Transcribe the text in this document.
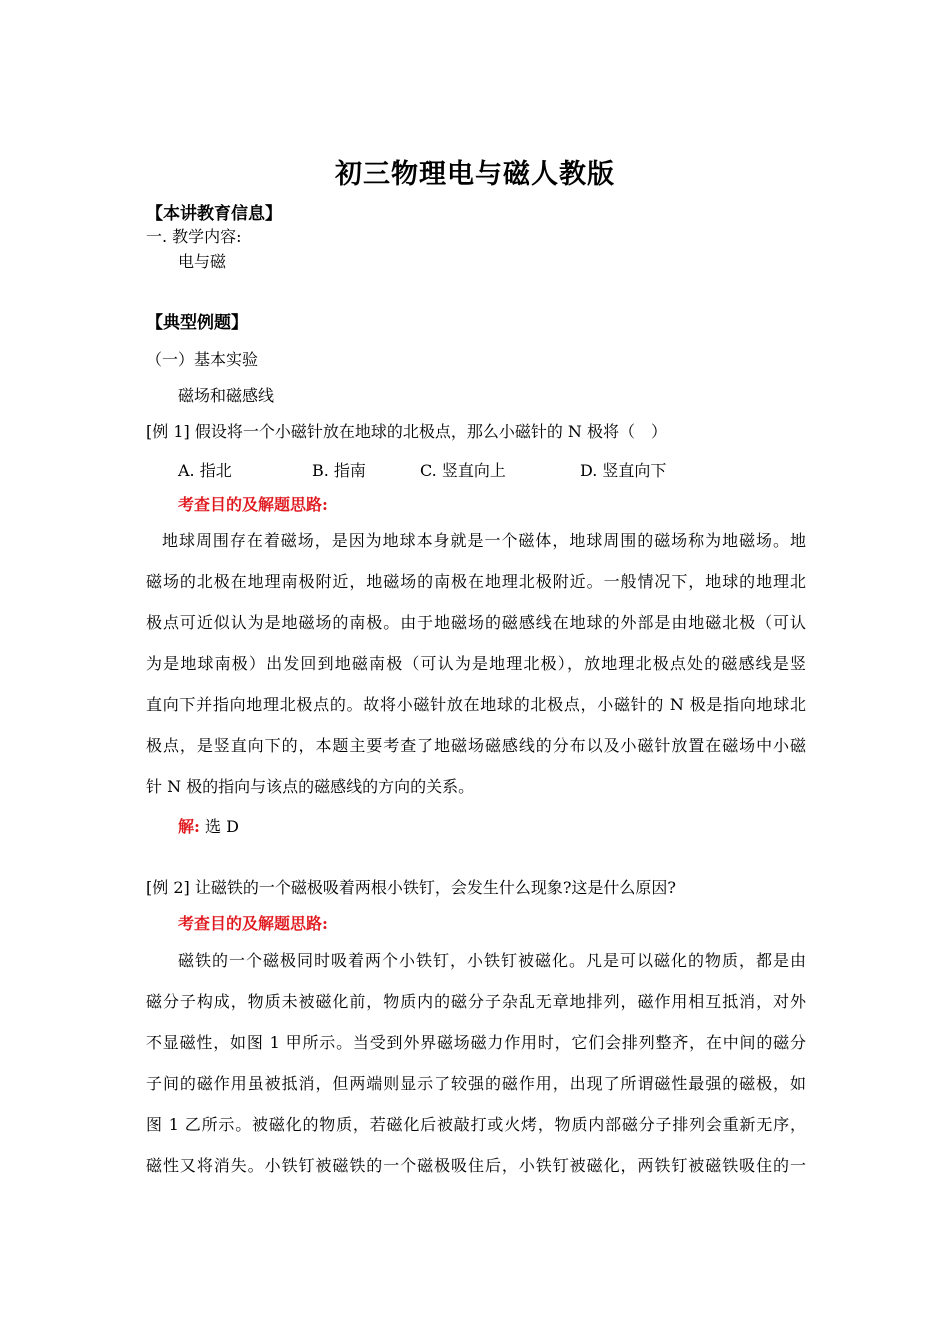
初三物理电与磁人教版
【本讲教育信息】
一. 教学内容:
电与磁
【典型例题】
（一）基本实验
磁场和磁感线
[例 1] 假设将一个小磁针放在地球的北极点，那么小磁针的 N 极将（　）
A. 指北	B. 指南	C. 竖直向上	D. 竖直向下
考查目的及解题思路:
地球周围存在着磁场，是因为地球本身就是一个磁体，地球周围的磁场称为地磁场。地
磁场的北极在地理南极附近，地磁场的南极在地理北极附近。一般情况下，地球的地理北
极点可近似认为是地磁场的南极。由于地磁场的磁感线在地球的外部是由地磁北极（可认
为是地球南极）出发回到地磁南极（可认为是地理北极），放地理北极点处的磁感线是竖
直向下并指向地理北极点的。故将小磁针放在地球的北极点，小磁针的 N 极是指向地球北
极点，是竖直向下的，本题主要考查了地磁场磁感线的分布以及小磁针放置在磁场中小磁
针 N 极的指向与该点的磁感线的方向的关系。
解: 选 D
[例 2] 让磁铁的一个磁极吸着两根小铁钉，会发生什么现象?这是什么原因?
考查目的及解题思路:
磁铁的一个磁极同时吸着两个小铁钉，小铁钉被磁化。凡是可以磁化的物质，都是由
磁分子构成，物质未被磁化前，物质内的磁分子杂乱无章地排列，磁作用相互抵消，对外
不显磁性，如图 1 甲所示。当受到外界磁场磁力作用时，它们会排列整齐，在中间的磁分
子间的磁作用虽被抵消，但两端则显示了较强的磁作用，出现了所谓磁性最强的磁极，如
图 1 乙所示。被磁化的物质，若磁化后被敲打或火烤，物质内部磁分子排列会重新无序，
磁性又将消失。小铁钉被磁铁的一个磁极吸住后，小铁钉被磁化，两铁钉被磁铁吸住的一
